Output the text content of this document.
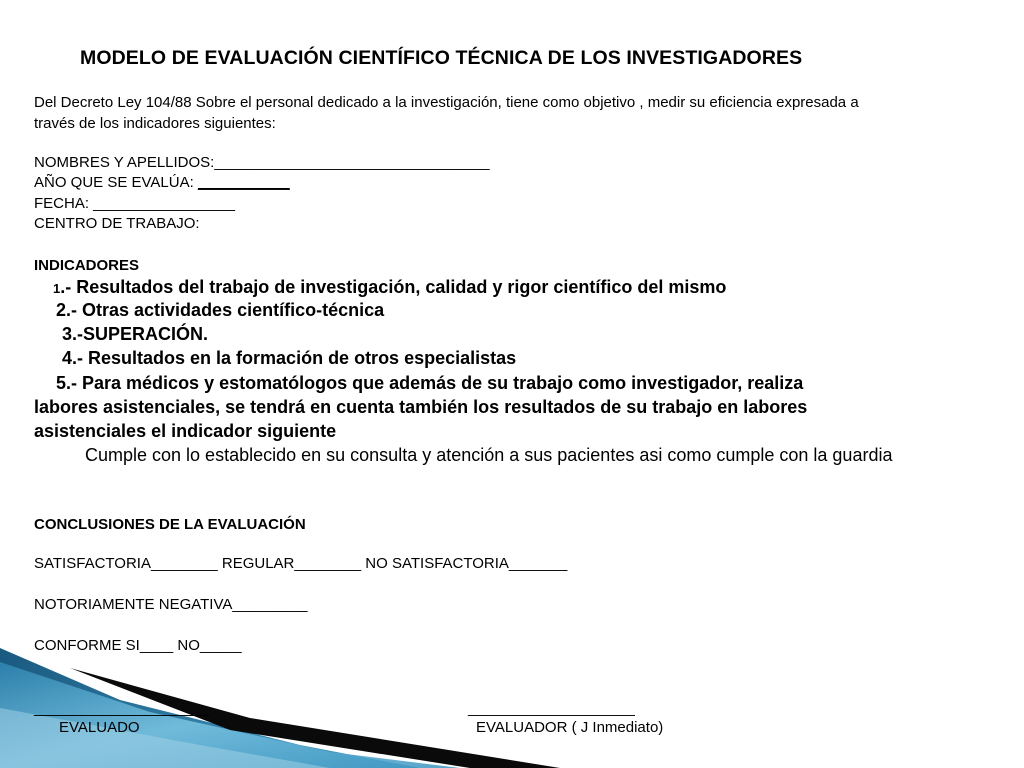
MODELO DE EVALUACIÓN CIENTÍFICO TÉCNICA DE LOS INVESTIGADORES

Del Decreto Ley 104/88 Sobre el personal dedicado a la investigación, tiene como objetivo , medir su eficiencia expresada a

través de los indicadores siguientes:

NOMBRES Y APELLIDOS:_________________________________

AÑO QUE SE EVALÚA: ___________

FECHA: _________________

CENTRO DE TRABAJO:

INDICADORES

1.- Resultados del trabajo de investigación, calidad y rigor científico del mismo

2.- Otras actividades científico-técnica

3.-SUPERACIÓN.

4.- Resultados en la formación de otros especialistas

5.- Para médicos y estomatólogos que además de su trabajo como investigador, realiza

labores asistenciales, se tendrá en cuenta también los resultados de su trabajo en labores

asistenciales el indicador siguiente

Cumple con lo establecido en su consulta y atención a sus pacientes asi como cumple con la guardia

CONCLUSIONES DE LA EVALUACIÓN

SATISFACTORIA________ REGULAR________ NO SATISFACTORIA_______

NOTORIAMENTE NEGATIVA_________

CONFORME SI____ NO_____

_____________________

EVALUADO

____________________

EVALUADOR ( J Inmediato)
